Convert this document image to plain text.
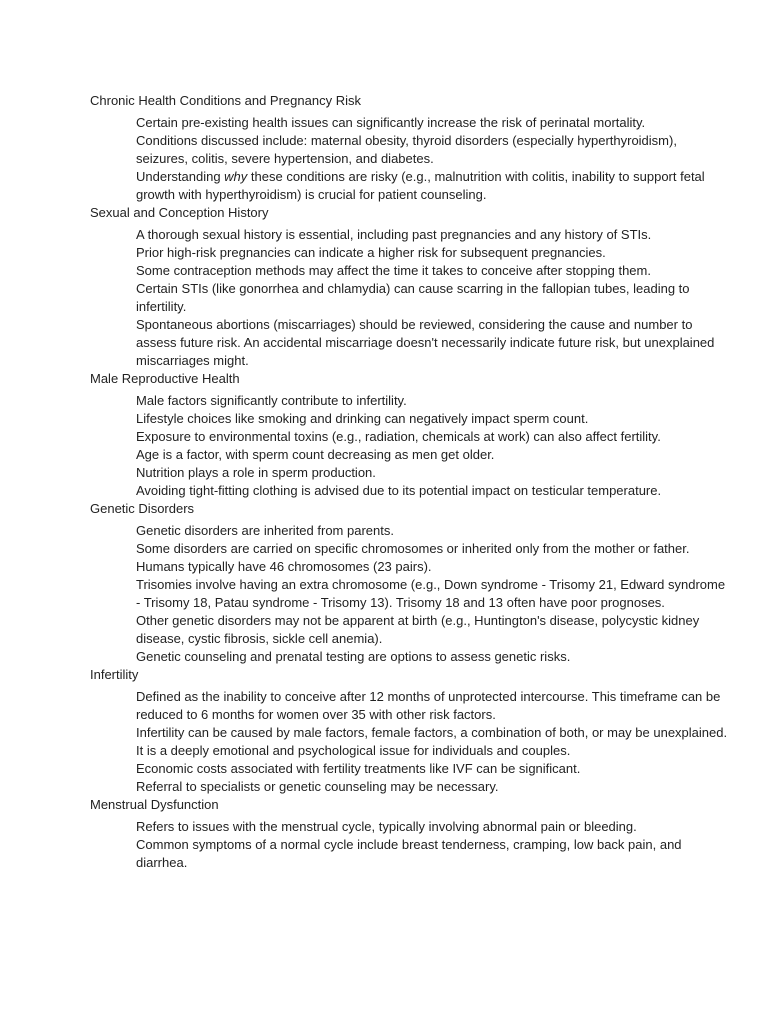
Chronic Health Conditions and Pregnancy Risk

Certain pre-existing health issues can significantly increase the risk of perinatal mortality.
Conditions discussed include: maternal obesity, thyroid disorders (especially hyperthyroidism), seizures, colitis, severe hypertension, and diabetes.
Understanding why these conditions are risky (e.g., malnutrition with colitis, inability to support fetal growth with hyperthyroidism) is crucial for patient counseling.

Sexual and Conception History

A thorough sexual history is essential, including past pregnancies and any history of STIs.
Prior high-risk pregnancies can indicate a higher risk for subsequent pregnancies.
Some contraception methods may affect the time it takes to conceive after stopping them.
Certain STIs (like gonorrhea and chlamydia) can cause scarring in the fallopian tubes, leading to infertility.
Spontaneous abortions (miscarriages) should be reviewed, considering the cause and number to assess future risk. An accidental miscarriage doesn't necessarily indicate future risk, but unexplained miscarriages might.

Male Reproductive Health

Male factors significantly contribute to infertility.
Lifestyle choices like smoking and drinking can negatively impact sperm count.
Exposure to environmental toxins (e.g., radiation, chemicals at work) can also affect fertility.
Age is a factor, with sperm count decreasing as men get older.
Nutrition plays a role in sperm production.
Avoiding tight-fitting clothing is advised due to its potential impact on testicular temperature.

Genetic Disorders

Genetic disorders are inherited from parents.
Some disorders are carried on specific chromosomes or inherited only from the mother or father.
Humans typically have 46 chromosomes (23 pairs).
Trisomies involve having an extra chromosome (e.g., Down syndrome - Trisomy 21, Edward syndrome - Trisomy 18, Patau syndrome - Trisomy 13). Trisomy 18 and 13 often have poor prognoses.
Other genetic disorders may not be apparent at birth (e.g., Huntington's disease, polycystic kidney disease, cystic fibrosis, sickle cell anemia).
Genetic counseling and prenatal testing are options to assess genetic risks.

Infertility

Defined as the inability to conceive after 12 months of unprotected intercourse. This timeframe can be reduced to 6 months for women over 35 with other risk factors.
Infertility can be caused by male factors, female factors, a combination of both, or may be unexplained.
It is a deeply emotional and psychological issue for individuals and couples.
Economic costs associated with fertility treatments like IVF can be significant.
Referral to specialists or genetic counseling may be necessary.

Menstrual Dysfunction

Refers to issues with the menstrual cycle, typically involving abnormal pain or bleeding.
Common symptoms of a normal cycle include breast tenderness, cramping, low back pain, and diarrhea.
